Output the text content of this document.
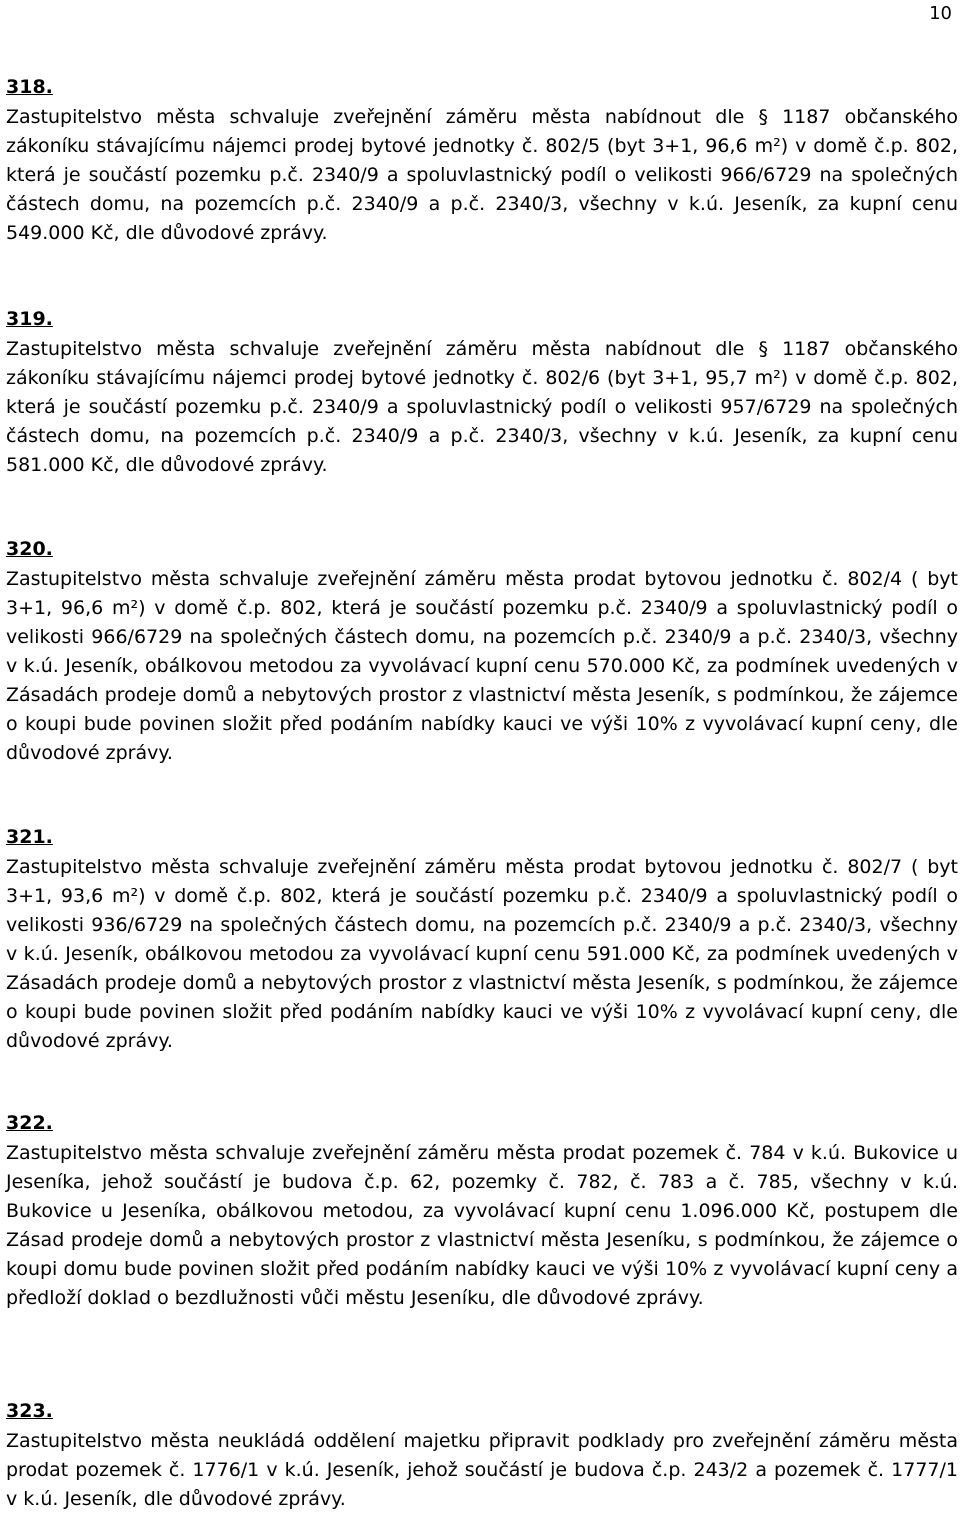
10
318.

Zastupitelstvo města schvaluje zveřejnění záměru města nabídnout dle § 1187 občanského zákoníku stávajícímu nájemci prodej bytové jednotky č. 802/5 (byt 3+1, 96,6 m²) v domě č.p. 802, která je součástí pozemku p.č. 2340/9 a spoluvlastnický podíl o velikosti 966/6729 na společných částech domu, na pozemcích p.č. 2340/9 a p.č. 2340/3, všechny v k.ú. Jeseník, za kupní cenu 549.000 Kč, dle důvodové zprávy.

319.

Zastupitelstvo města schvaluje zveřejnění záměru města nabídnout dle § 1187 občanského zákoníku stávajícímu nájemci prodej bytové jednotky č. 802/6 (byt 3+1, 95,7 m²) v domě č.p. 802, která je součástí pozemku p.č. 2340/9 a spoluvlastnický podíl o velikosti 957/6729 na společných částech domu, na pozemcích p.č. 2340/9 a p.č. 2340/3, všechny v k.ú. Jeseník, za kupní cenu 581.000 Kč, dle důvodové zprávy.

320.

Zastupitelstvo města schvaluje zveřejnění záměru města prodat bytovou jednotku č. 802/4 ( byt 3+1, 96,6 m²) v domě č.p. 802, která je součástí pozemku p.č. 2340/9 a spoluvlastnický podíl o velikosti 966/6729 na společných částech domu, na pozemcích p.č. 2340/9 a p.č. 2340/3, všechny v k.ú. Jeseník, obálkovou metodou za vyvolávací kupní cenu 570.000 Kč, za podmínek uvedených v Zásadách prodeje domů a nebytových prostor z vlastnictví města Jeseník, s podmínkou, že zájemce o koupi bude povinen složit před podáním nabídky kauci ve výši 10% z vyvolávací kupní ceny, dle důvodové zprávy.

321.

Zastupitelstvo města schvaluje zveřejnění záměru města prodat bytovou jednotku č. 802/7 ( byt 3+1, 93,6 m²) v domě č.p. 802, která je součástí pozemku p.č. 2340/9 a spoluvlastnický podíl o velikosti 936/6729 na společných částech domu, na pozemcích p.č. 2340/9 a p.č. 2340/3, všechny v k.ú. Jeseník, obálkovou metodou za vyvolávací kupní cenu 591.000 Kč, za podmínek uvedených v Zásadách prodeje domů a nebytových prostor z vlastnictví města Jeseník, s podmínkou, že zájemce o koupi bude povinen složit před podáním nabídky kauci ve výši 10% z vyvolávací kupní ceny, dle důvodové zprávy.

322.

Zastupitelstvo města schvaluje zveřejnění záměru města prodat pozemek č. 784 v k.ú. Bukovice u Jeseníka, jehož součástí je budova č.p. 62, pozemky č. 782, č. 783 a č. 785, všechny v k.ú. Bukovice u Jeseníka, obálkovou metodou, za vyvolávací kupní cenu 1.096.000 Kč, postupem dle Zásad prodeje domů a nebytových prostor z vlastnictví města Jeseníku, s podmínkou, že zájemce o koupi domu bude povinen složit před podáním nabídky kauci ve výši 10% z vyvolávací kupní ceny a předloží doklad o bezdlužnosti vůči městu Jeseníku, dle důvodové zprávy.

323.

Zastupitelstvo města neukládá oddělení majetku připravit podklady pro zveřejnění záměru města prodat pozemek č. 1776/1 v k.ú. Jeseník, jehož součástí je budova č.p. 243/2 a pozemek č. 1777/1 v k.ú. Jeseník, dle důvodové zprávy.
